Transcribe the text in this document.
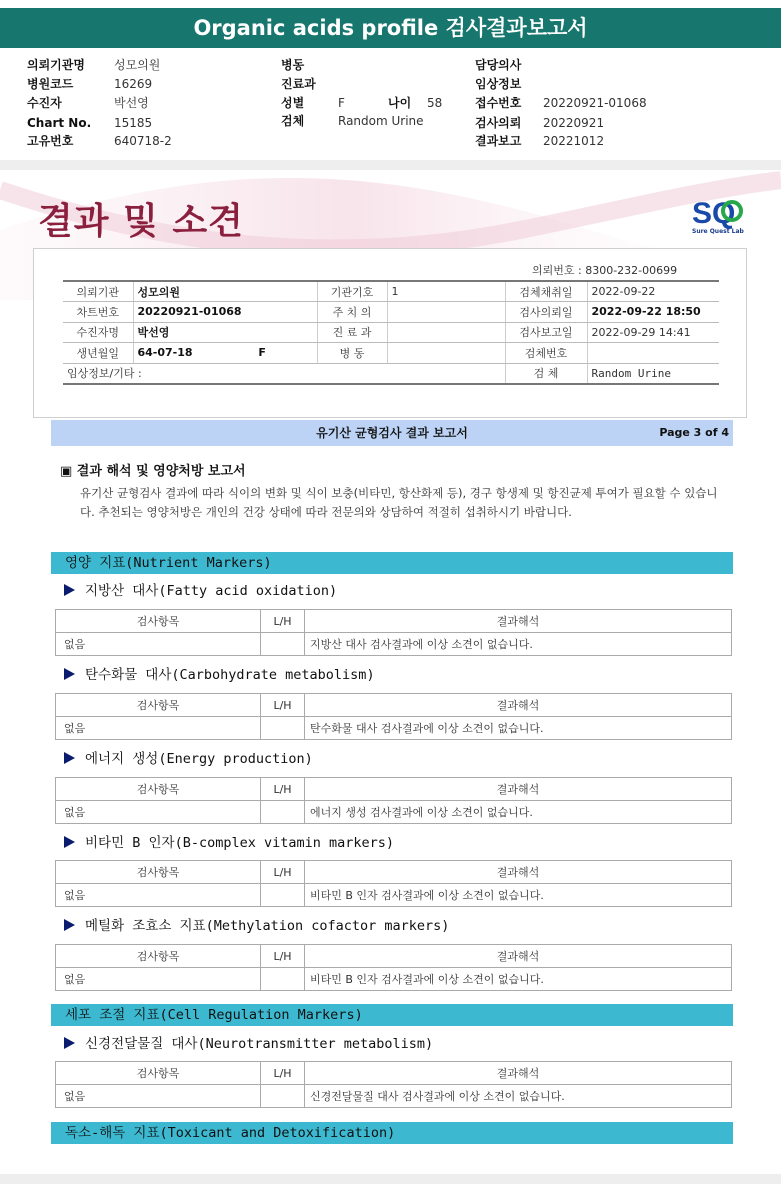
Organic acids profile 검사결과보고서
의뢰기관명 성모의원
병원코드	16269
수진자	박선영
Chart No. 15185
고유번호	640718-2
병동
진료과
성별	F	나이 58
검체	Random Urine
담당의사
임상정보
접수번호 20220921-01068
검사의뢰 20220921
결과보고 20221012
결과 및 소견	SQ
Sure Quest Lab
의뢰번호 : 8300-232-00699
의뢰기관	성모의원	기관기호	1	검체채취일	2022-09-22
차트번호	20220921-01068	주 치 의		검사의뢰일	2022-09-22 18:50
수진자명	박선영	진 료 과		검사보고일	2022-09-29 14:41
생년월일	64-07-18 F	병 동		검체번호	
임상정보/기타 :				검 체	Random Urine
유기산 균형검사 결과 보고서	Page 3 of 4
▣ 결과 해석 및 영양처방 보고서
유기산 균형검사 결과에 따라 식이의 변화 및 식이 보충(비타민, 항산화제 등), 경구 항생제 및 항진균제 투여가 필요할 수 있습니다. 추천되는 영양처방은 개인의 건강 상태에 따라 전문의와 상담하여 적절히 섭취하시기 바랍니다.
영양 지표(Nutrient Markers)
지방산 대사(Fatty acid oxidation)
검사항목	L/H	결과해석
없음		지방산 대사 검사결과에 이상 소견이 없습니다.
탄수화물 대사(Carbohydrate metabolism)
검사항목	L/H	결과해석
없음		탄수화물 대사 검사결과에 이상 소견이 없습니다.
에너지 생성(Energy production)
검사항목	L/H	결과해석
없음		에너지 생성 검사결과에 이상 소견이 없습니다.
비타민 B 인자(B-complex vitamin markers)
검사항목	L/H	결과해석
없음		비타민 B 인자 검사결과에 이상 소견이 없습니다.
메틸화 조효소 지표(Methylation cofactor markers)
검사항목	L/H	결과해석
없음		비타민 B 인자 검사결과에 이상 소견이 없습니다.
세포 조절 지표(Cell Regulation Markers)
신경전달물질 대사(Neurotransmitter metabolism)
검사항목	L/H	결과해석
없음		신경전달물질 대사 검사결과에 이상 소견이 없습니다.
독소-해독 지표(Toxicant and Detoxification)
